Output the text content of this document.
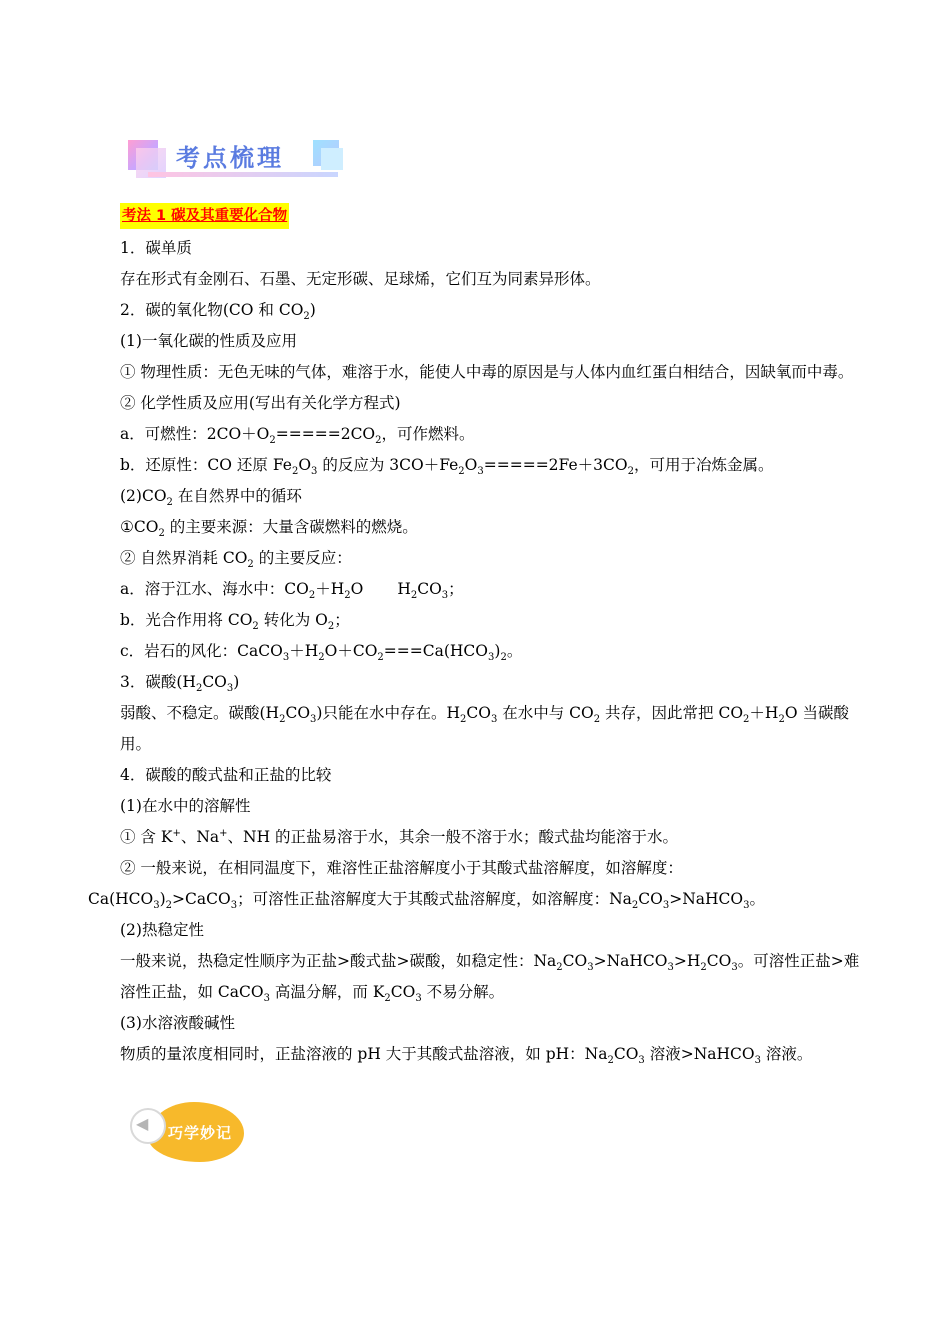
考点梳理

考法 1 碳及其重要化合物

1．碳单质

存在形式有金刚石、石墨、无定形碳、足球烯，它们互为同素异形体。

2．碳的氧化物(CO 和 $CO_2$)

(1)一氧化碳的性质及应用

① 物理性质：无色无味的气体，难溶于水，能使人中毒的原因是与人体内血红蛋白相结合，因缺氧而中毒。

② 化学性质及应用(写出有关化学方程式)

a．可燃性：$2CO+O_2=====2CO_2$，可作燃料。

b．还原性：CO 还原 $Fe_2O_3$ 的反应为 $3CO+Fe_2O_3=====2Fe+3CO_2$，可用于冶炼金属。

$(2)CO_2$ 在自然界中的循环

$①CO_2$ 的主要来源：大量含碳燃料的燃烧。

② 自然界消耗 $CO_2$ 的主要反应：

a．溶于江水、海水中：$CO_2+H_2O$ $H_2CO_3$；

b．光合作用将 $CO_2$ 转化为 $O_2$；

c．岩石的风化：$CaCO_3+H_2O+CO_2===Ca(HCO_3)_2$。

3．碳酸$(H_2CO_3)$

弱酸、不稳定。碳酸$(H_2CO_3)$只能在水中存在。$H_2CO_3$ 在水中与 $CO_2$ 共存，因此常把 $CO_2+H_2O$ 当碳酸用。

4．碳酸的酸式盐和正盐的比较

(1)在水中的溶解性

① 含 K+、Na+、NH 的正盐易溶于水，其余一般不溶于水；酸式盐均能溶于水。

② 一般来说，在相同温度下，难溶性正盐溶解度小于其酸式盐溶解度，如溶解度：
$Ca(HCO_3)_2>CaCO_3$；可溶性正盐溶解度大于其酸式盐溶解度，如溶解度：$Na_2CO_3>NaHCO_3$。

(2)热稳定性

一般来说，热稳定性顺序为正盐>酸式盐>碳酸，如稳定性：$Na_2CO_3>NaHCO_3>H_2CO_3$。可溶性正盐>难溶性正盐，如 CaCO$_3$ 高温分解，而 $K_2CO_3$ 不易分解。

(3)水溶液酸碱性

物质的量浓度相同时，正盐溶液的 pH 大于其酸式盐溶液，如 pH：$Na_2CO_3$ 溶液>NaHCO$_3$ 溶液。

◀ 巧学妙记
